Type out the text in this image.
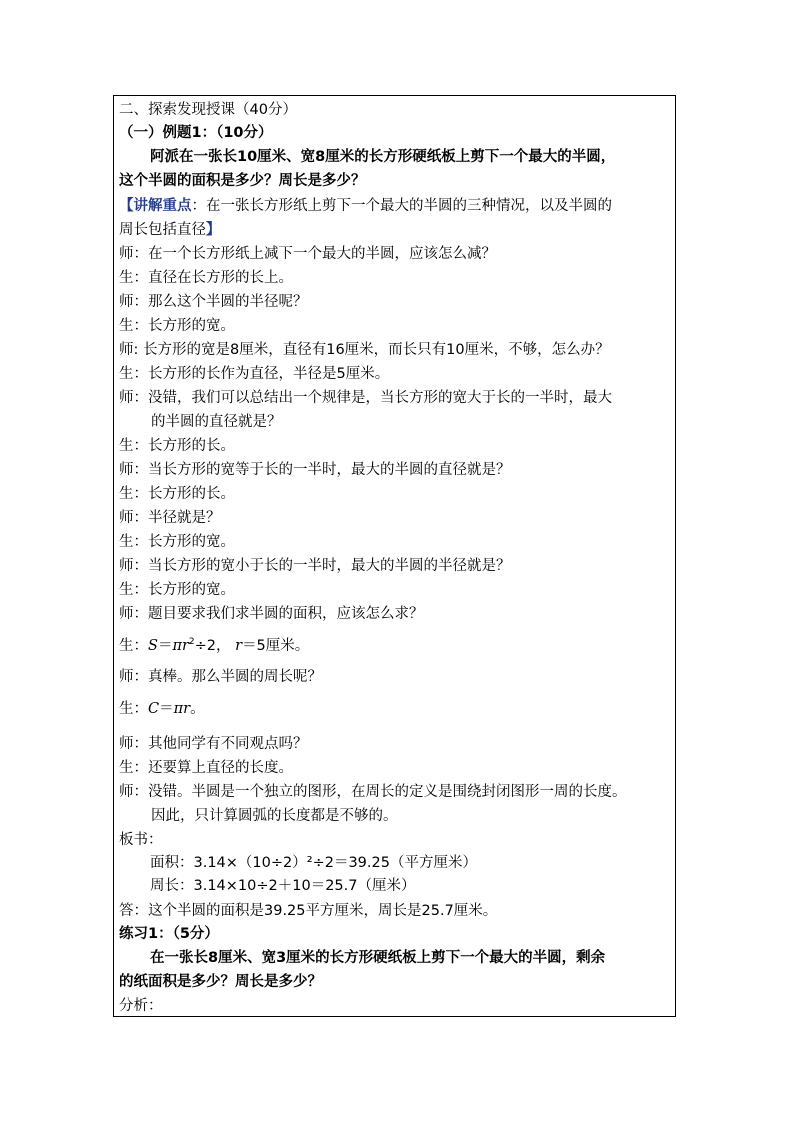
二、探索发现授课（40分）
（一）例题1：（10分）
阿派在一张长10厘米、宽8厘米的长方形硬纸板上剪下一个最大的半圆，
这个半圆的面积是多少？周长是多少？
【讲解重点：在一张长方形纸上剪下一个最大的半圆的三种情况，以及半圆的
周长包括直径】
师：在一个长方形纸上减下一个最大的半圆，应该怎么减？
生：直径在长方形的长上。
师：那么这个半圆的半径呢？
生：长方形的宽。
师: 长方形的宽是8厘米，直径有16厘米，而长只有10厘米，不够，怎么办？
生：长方形的长作为直径，半径是5厘米。
师：没错，我们可以总结出一个规律是，当长方形的宽大于长的一半时，最大
的半圆的直径就是？
生：长方形的长。
师：当长方形的宽等于长的一半时，最大的半圆的直径就是？
生：长方形的长。
师：半径就是？
生：长方形的宽。
师：当长方形的宽小于长的一半时，最大的半圆的半径就是？
生：长方形的宽。
师：题目要求我们求半圆的面积，应该怎么求？
生：$S=\pi r^2\div 2$， r＝5厘米。
师：真棒。那么半圆的周长呢？
生：C＝πr。
师：其他同学有不同观点吗？
生：还要算上直径的长度。
师：没错。半圆是一个独立的图形，在周长的定义是围绕封闭图形一周的长度。
因此，只计算圆弧的长度都是不够的。
板书：
面积：3.14×（10÷2）²÷2＝39.25（平方厘米）
周长：3.14×10÷2＋10＝25.7（厘米）
答：这个半圆的面积是39.25平方厘米，周长是25.7厘米。
练习1：（5分）
在一张长8厘米、宽3厘米的长方形硬纸板上剪下一个最大的半圆，剩余
的纸面积是多少？周长是多少？
分析：
